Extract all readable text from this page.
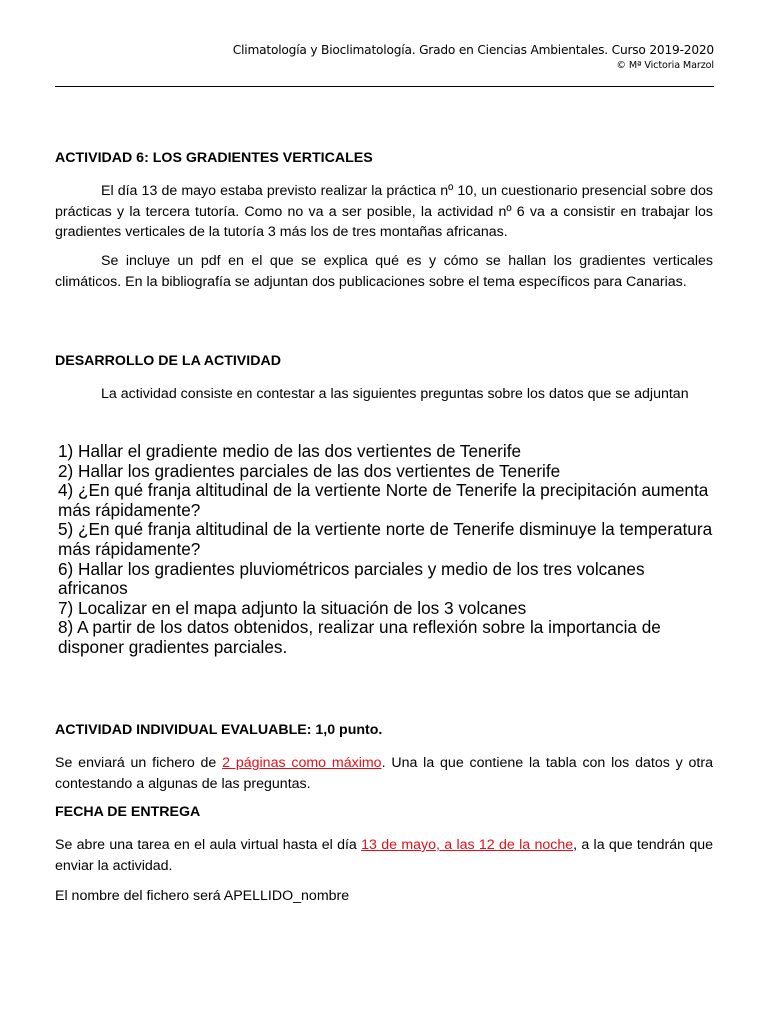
Climatología y Bioclimatología. Grado en Ciencias Ambientales. Curso 2019-2020
© Mª Victoria Marzol
ACTIVIDAD 6: LOS GRADIENTES VERTICALES

El día 13 de mayo estaba previsto realizar la práctica nº 10, un cuestionario presencial sobre dos prácticas y la tercera tutoría. Como no va a ser posible, la actividad nº 6 va a consistir en trabajar los gradientes verticales de la tutoría 3 más los de tres montañas africanas.

Se incluye un pdf en el que se explica qué es y cómo se hallan los gradientes verticales climáticos. En la bibliografía se adjuntan dos publicaciones sobre el tema específicos para Canarias.

DESARROLLO DE LA ACTIVIDAD

La actividad consiste en contestar a las siguientes preguntas sobre los datos que se adjuntan

1) Hallar el gradiente medio de las dos vertientes de Tenerife
2) Hallar los gradientes parciales de las dos vertientes de Tenerife
4) ¿En qué franja altitudinal de la vertiente Norte de Tenerife la precipitación aumenta más rápidamente?
5) ¿En qué franja altitudinal de la vertiente norte de Tenerife disminuye la temperatura más rápidamente?
6) Hallar los gradientes pluviométricos parciales y medio de los tres volcanes africanos
7) Localizar en el mapa adjunto la situación de los 3 volcanes
8) A partir de los datos obtenidos, realizar una reflexión sobre la importancia de disponer gradientes parciales.
ACTIVIDAD INDIVIDUAL EVALUABLE: 1,0 punto.

Se enviará un fichero de 2 páginas como máximo. Una la que contiene la tabla con los datos y otra contestando a algunas de las preguntas.

FECHA DE ENTREGA

Se abre una tarea en el aula virtual hasta el día 13 de mayo, a las 12 de la noche, a la que tendrán que enviar la actividad.

El nombre del fichero será APELLIDO_nombre
